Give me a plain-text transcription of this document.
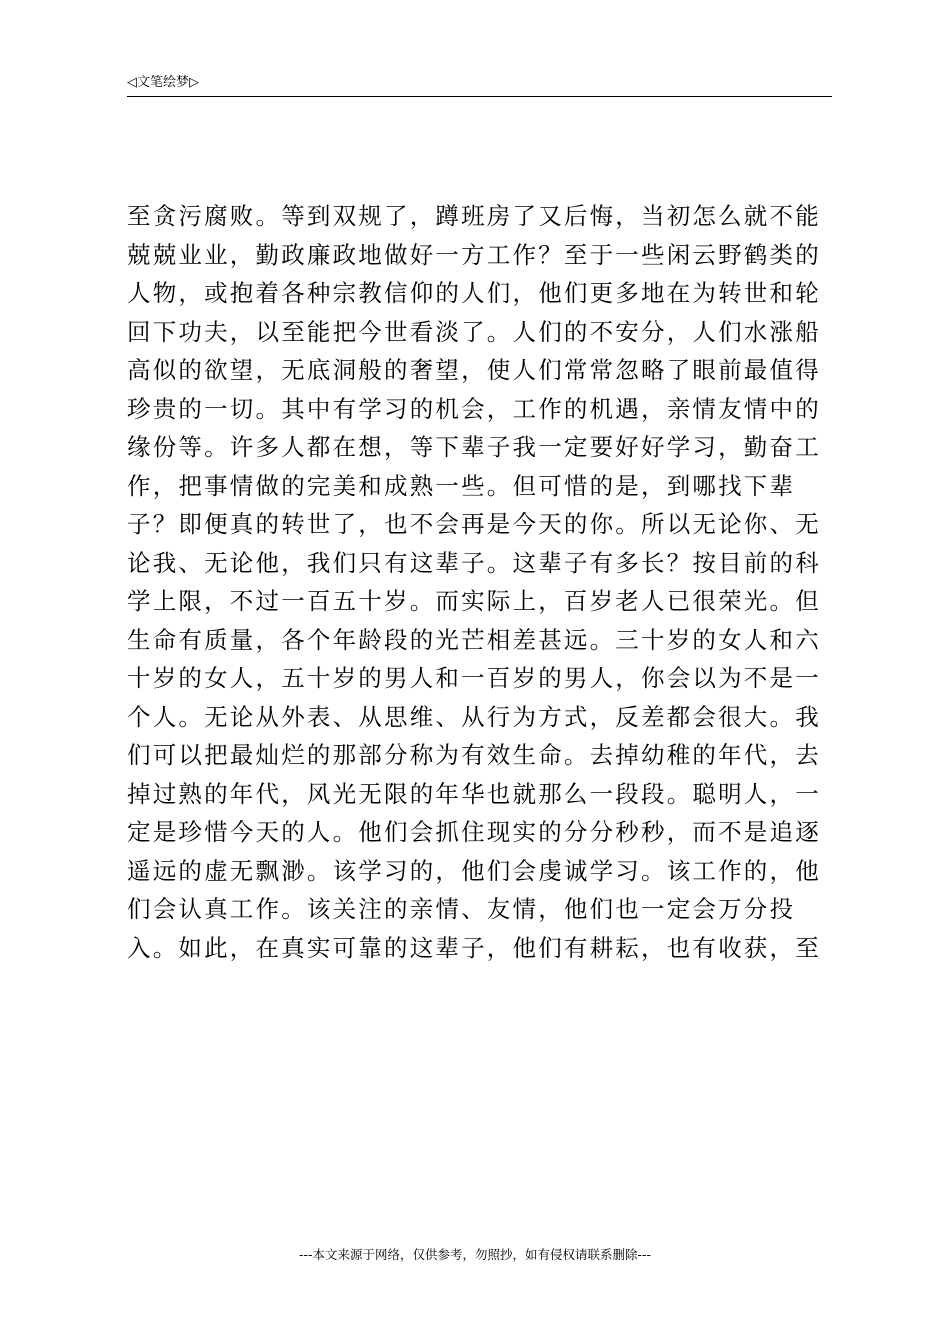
◁文笔绘梦▷
至贪污腐败。等到双规了，蹲班房了又后悔，当初怎么就不能
兢兢业业，勤政廉政地做好一方工作？至于一些闲云野鹤类的
人物，或抱着各种宗教信仰的人们，他们更多地在为转世和轮
回下功夫，以至能把今世看淡了。人们的不安分，人们水涨船
高似的欲望，无底洞般的奢望，使人们常常忽略了眼前最值得
珍贵的一切。其中有学习的机会，工作的机遇，亲情友情中的
缘份等。许多人都在想，等下辈子我一定要好好学习，勤奋工
作，把事情做的完美和成熟一些。但可惜的是，到哪找下辈
子？即便真的转世了，也不会再是今天的你。所以无论你、无
论我、无论他，我们只有这辈子。这辈子有多长？按目前的科
学上限，不过一百五十岁。而实际上，百岁老人已很荣光。但
生命有质量，各个年龄段的光芒相差甚远。三十岁的女人和六
十岁的女人，五十岁的男人和一百岁的男人，你会以为不是一
个人。无论从外表、从思维、从行为方式，反差都会很大。我
们可以把最灿烂的那部分称为有效生命。去掉幼稚的年代，去
掉过熟的年代，风光无限的年华也就那么一段段。聪明人，一
定是珍惜今天的人。他们会抓住现实的分分秒秒，而不是追逐
遥远的虚无飘渺。该学习的，他们会虔诚学习。该工作的，他
们会认真工作。该关注的亲情、友情，他们也一定会万分投
入。如此，在真实可靠的这辈子，他们有耕耘，也有收获，至
---本文来源于网络，仅供参考，勿照抄，如有侵权请联系删除---
